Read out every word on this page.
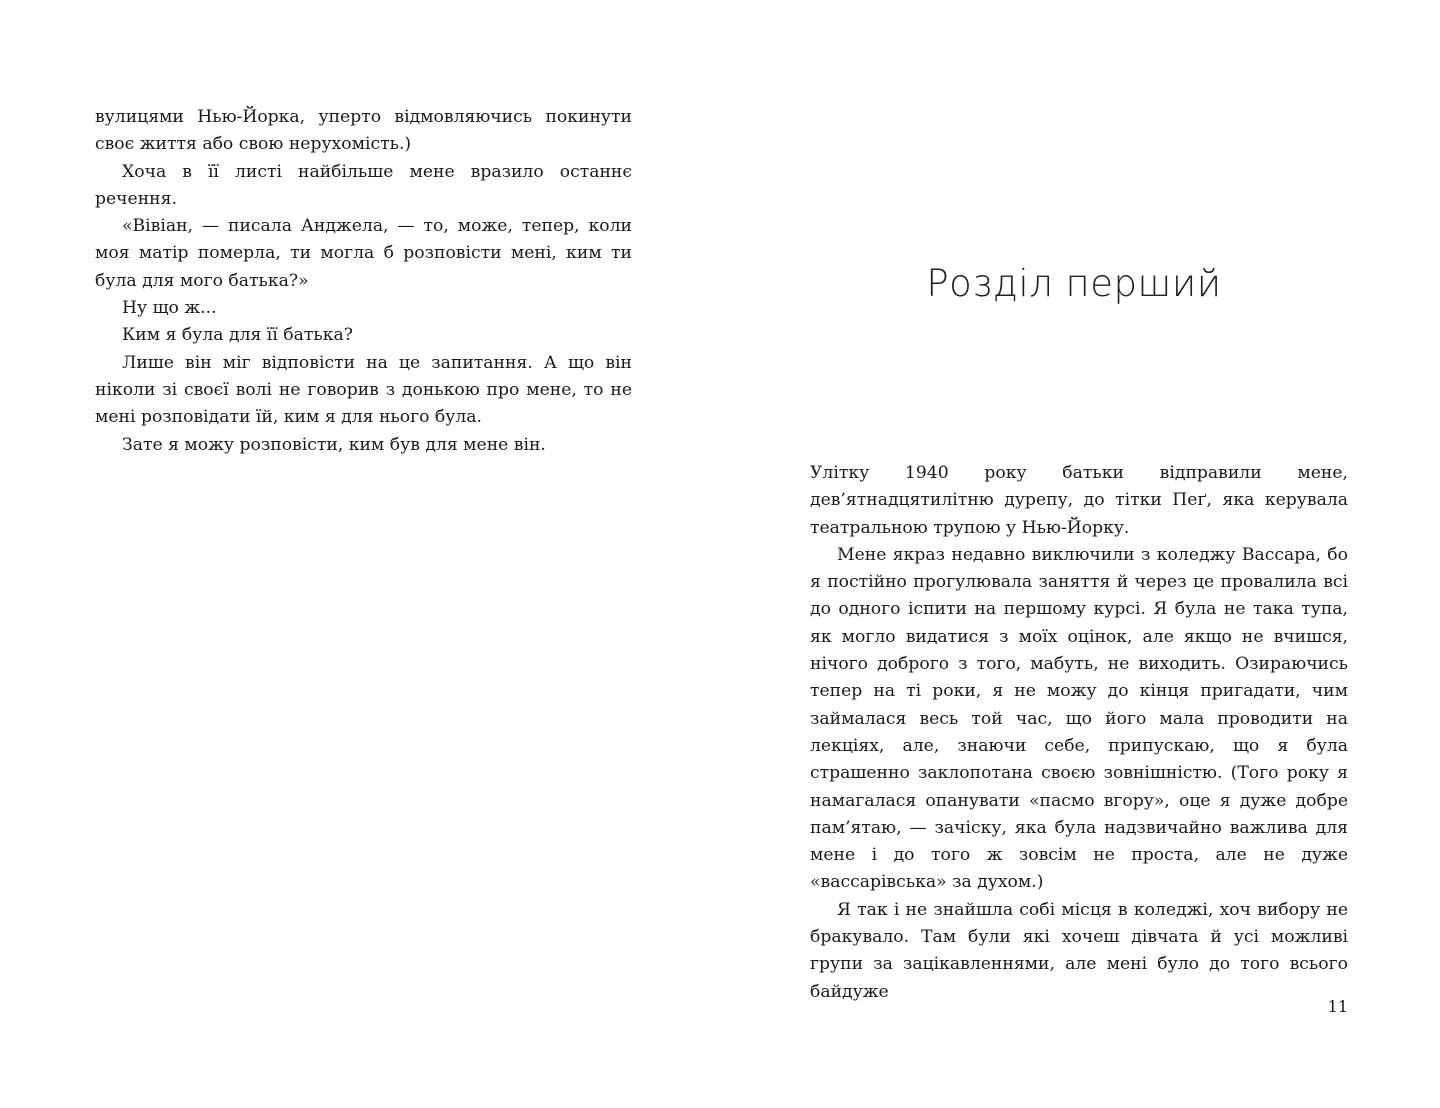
вулицями Нью-Йорка, уперто відмовляючись покинути своє життя або свою нерухомість.)

Хоча в її листі найбільше мене вразило останнє речення.

«Вівіан, — писала Анджела, — то, може, тепер, коли моя матір померла, ти могла б розповісти мені, ким ти була для мого батька?»

Ну що ж...

Ким я була для її батька?

Лише він міг відповісти на це запитання. А що він ніколи зі своєї волі не говорив з донькою про мене, то не мені розповідати їй, ким я для нього була.

Зате я можу розповісти, ким був для мене він.

Розділ перший

Улітку 1940 року батьки відправили мене, дев’ятнадцятилітню дурепу, до тітки Пеґ, яка керувала театральною трупою у Нью-Йорку.

Мене якраз недавно виключили з коледжу Вассара, бо я постійно прогулювала заняття й через це провалила всі до одного іспити на першому курсі. Я була не така тупа, як могло видатися з моїх оцінок, але якщо не вчишся, нічого доброго з того, мабуть, не виходить. Озираючись тепер на ті роки, я не можу до кінця пригадати, чим займалася весь той час, що його мала проводити на лекціях, але, знаючи себе, припускаю, що я була страшенно заклопотана своєю зовнішністю. (Того року я намагалася опанувати «пасмо вгору», оце я дуже добре пам’ятаю, — зачіску, яка була надзвичайно важлива для мене і до того ж зовсім не проста, але не дуже «вассарівська» за духом.)

Я так і не знайшла собі місця в коледжі, хоч вибору не бракувало. Там були які хочеш дівчата й усі можливі групи за зацікавленнями, але мені було до того всього байдуже

11
